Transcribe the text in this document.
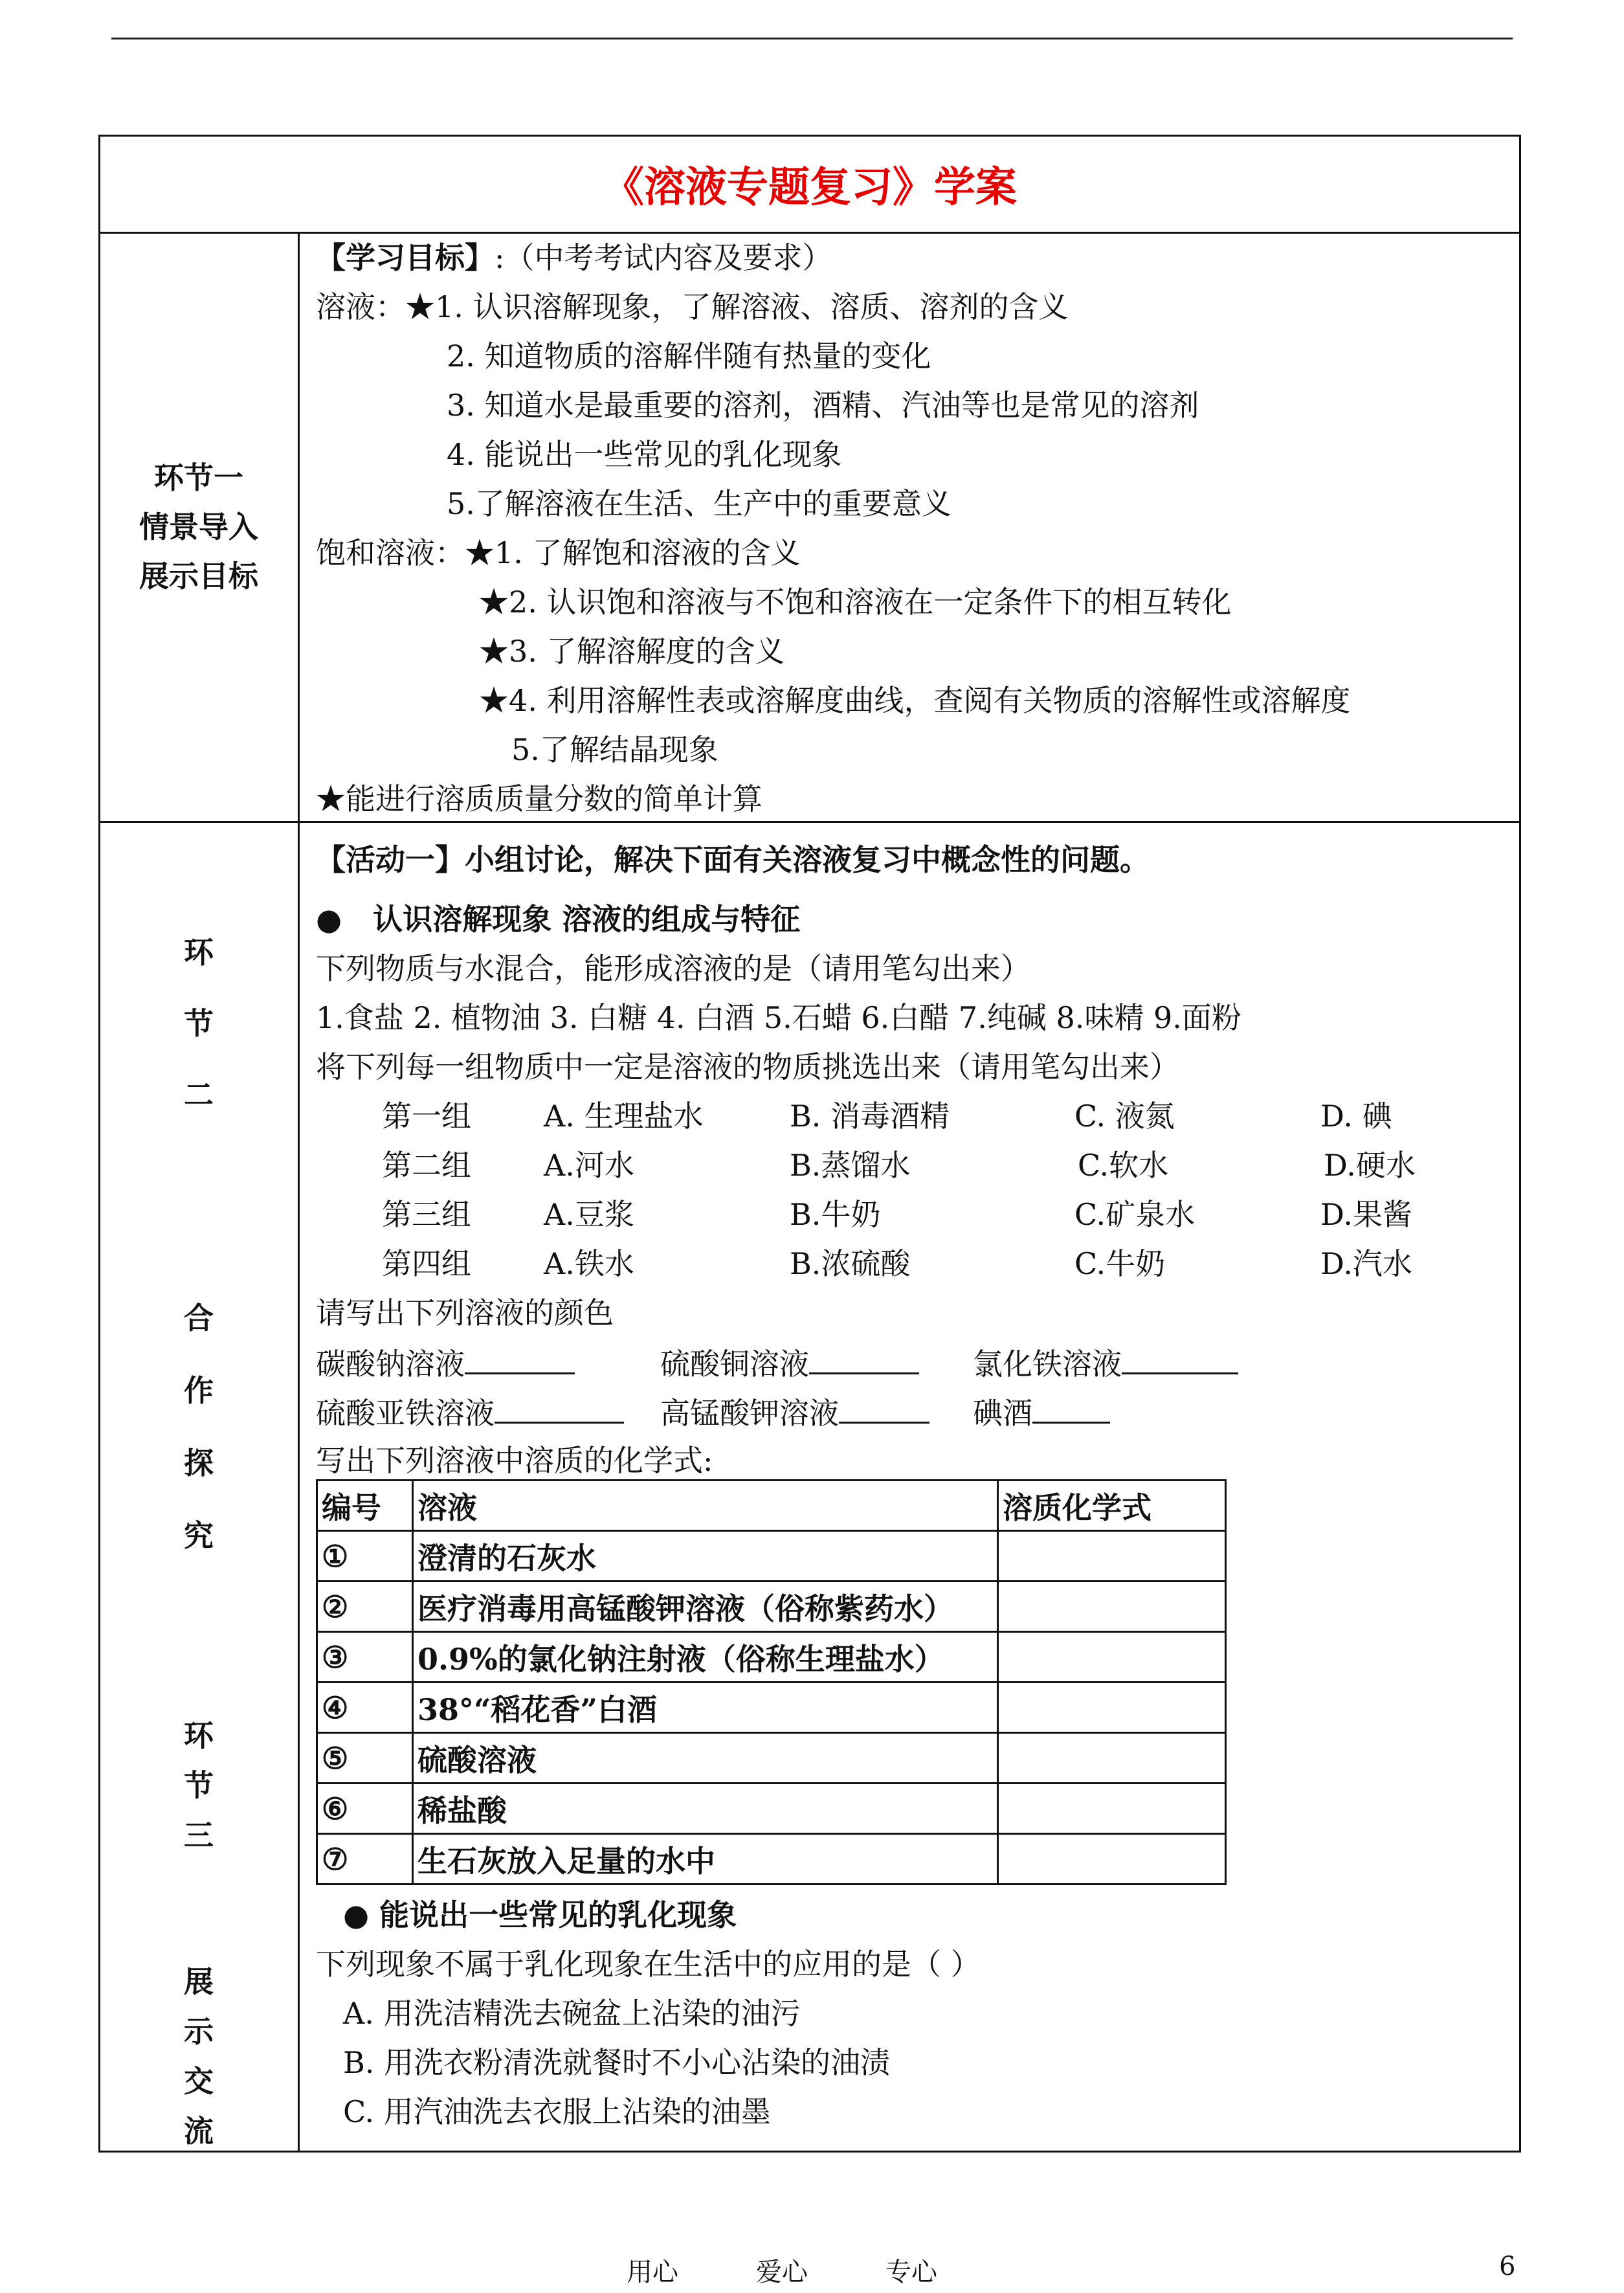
《溶液专题复习》学案
环节一
情景导入
展示目标
【学习目标】:（中考考试内容及要求）
溶液：★1. 认识溶解现象，了解溶液、溶质、溶剂的含义
2. 知道物质的溶解伴随有热量的变化
3. 知道水是最重要的溶剂，酒精、汽油等也是常见的溶剂
4. 能说出一些常见的乳化现象
5.了解溶液在生活、生产中的重要意义
饱和溶液：★1. 了解饱和溶液的含义
★2. 认识饱和溶液与不饱和溶液在一定条件下的相互转化
★3. 了解溶解度的含义
★4. 利用溶解性表或溶解度曲线，查阅有关物质的溶解性或溶解度
5.了解结晶现象
★能进行溶质质量分数的简单计算
环
节
二
合
作
探
究
环
节
三
展
示
交
流
【活动一】小组讨论，解决下面有关溶液复习中概念性的问题。
●   认识溶解现象 溶液的组成与特征
下列物质与水混合，能形成溶液的是（请用笔勾出来）
1.食盐 2. 植物油 3. 白糖 4. 白酒 5.石蜡 6.白醋 7.纯碱 8.味精 9.面粉
将下列每一组物质中一定是溶液的物质挑选出来（请用笔勾出来）
第一组 A. 生理盐水	B. 消毒酒精	C. 液氮	D. 碘
第二组 A.河水	B.蒸馏水	C.软水	D.硬水
第三组 A.豆浆	B.牛奶	C.矿泉水	D.果酱
第四组 A.铁水	B.浓硫酸	C.牛奶	D.汽水
请写出下列溶液的颜色
碳酸钠溶液	硫酸铜溶液	氯化铁溶液
硫酸亚铁溶液	高锰酸钾溶液	碘酒
写出下列溶液中溶质的化学式:
编号	溶液	溶质化学式
①	澄清的石灰水	
②	医疗消毒用高锰酸钾溶液（俗称紫药水）	
③	0.9%的氯化钠注射液（俗称生理盐水）	
④	38°“稻花香”白酒	
⑤	硫酸溶液	
⑥	稀盐酸	
⑦	生石灰放入足量的水中	
● 能说出一些常见的乳化现象
下列现象不属于乳化现象在生活中的应用的是（ ）
A. 用洗洁精洗去碗盆上沾染的油污
B. 用洗衣粉清洗就餐时不小心沾染的油渍
C. 用汽油洗去衣服上沾染的油墨
用心	爱心	专心	6
